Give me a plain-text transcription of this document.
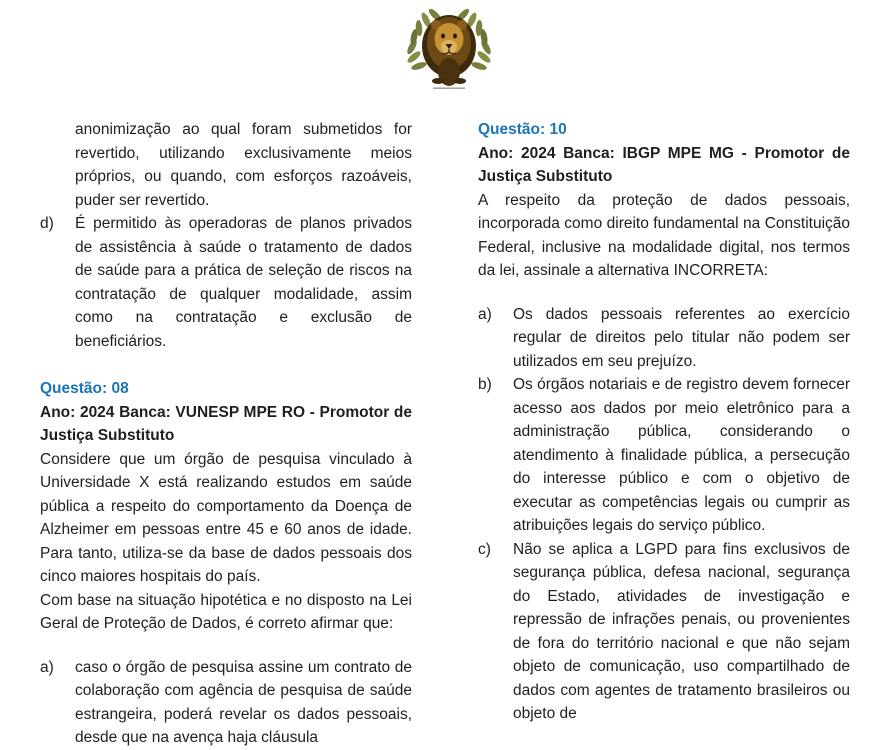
anonimização ao qual foram submetidos for revertido, utilizando exclusivamente meios próprios, ou quando, com esforços razoáveis, puder ser revertido.
d) É permitido às operadoras de planos privados de assistência à saúde o tratamento de dados de saúde para a prática de seleção de riscos na contratação de qualquer modalidade, assim como na contratação e exclusão de beneficiários.
Questão: 08
Ano: 2024 Banca: VUNESP MPE RO - Promotor de Justiça Substituto
Considere que um órgão de pesquisa vinculado à Universidade X está realizando estudos em saúde pública a respeito do comportamento da Doença de Alzheimer em pessoas entre 45 e 60 anos de idade. Para tanto, utiliza-se da base de dados pessoais dos cinco maiores hospitais do país.
Com base na situação hipotética e no disposto na Lei Geral de Proteção de Dados, é correto afirmar que:
a) caso o órgão de pesquisa assine um contrato de colaboração com agência de pesquisa de saúde estrangeira, poderá revelar os dados pessoais, desde que na avença haja cláusula
Questão: 10
Ano: 2024 Banca: IBGP MPE MG - Promotor de Justiça Substituto
A respeito da proteção de dados pessoais, incorporada como direito fundamental na Constituição Federal, inclusive na modalidade digital, nos termos da lei, assinale a alternativa INCORRETA:
a) Os dados pessoais referentes ao exercício regular de direitos pelo titular não podem ser utilizados em seu prejuízo.
b) Os órgãos notariais e de registro devem fornecer acesso aos dados por meio eletrônico para a administração pública, considerando o atendimento à finalidade pública, a persecução do interesse público e com o objetivo de executar as competências legais ou cumprir as atribuições legais do serviço público.
c) Não se aplica a LGPD para fins exclusivos de segurança pública, defesa nacional, segurança do Estado, atividades de investigação e repressão de infrações penais, ou provenientes de fora do território nacional e que não sejam objeto de comunicação, uso compartilhado de dados com agentes de tratamento brasileiros ou objeto de
